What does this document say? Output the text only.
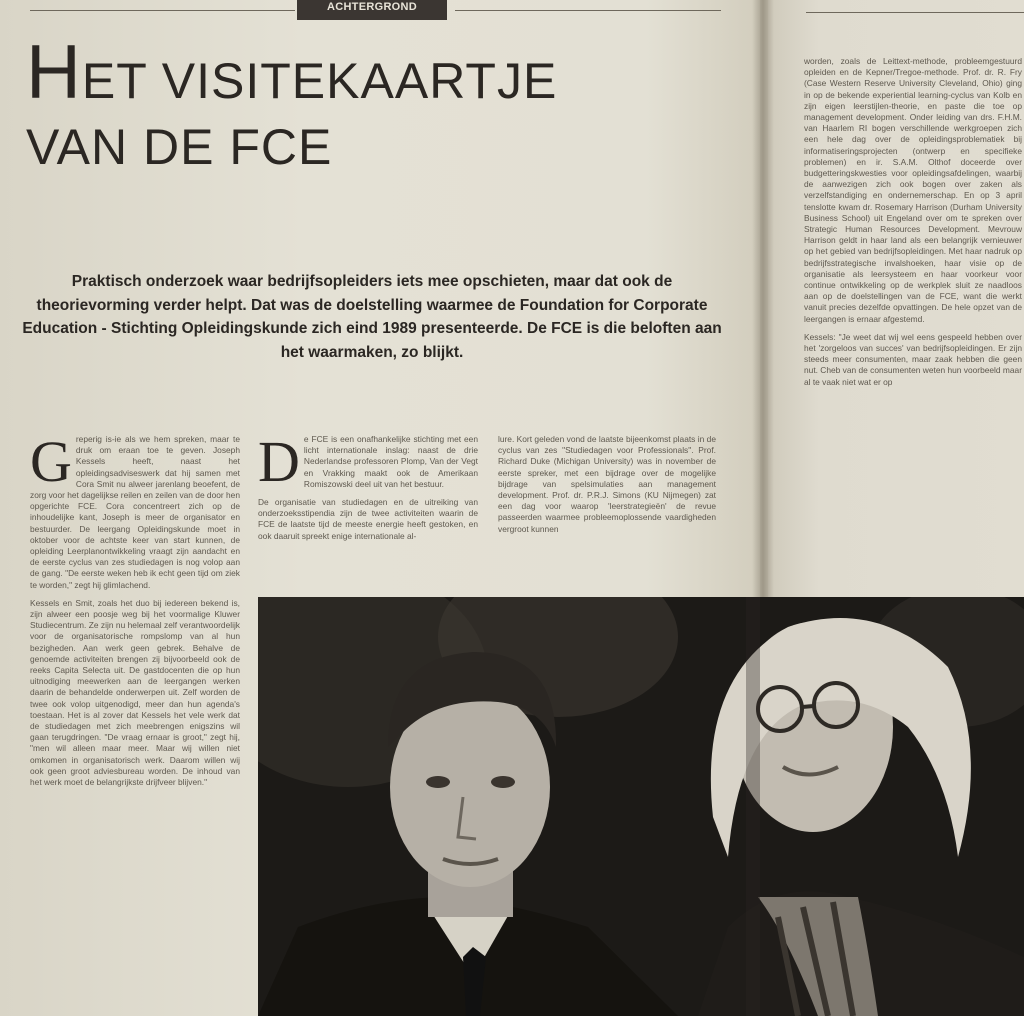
ACHTERGROND
HET VISITEKAARTJE
VAN DE FCE

Praktisch onderzoek waar bedrijfsopleiders iets mee opschieten, maar dat ook de theorievorming verder helpt. Dat was de doelstelling waarmee de Foundation for Corporate Education - Stichting Opleidingskunde zich eind 1989 presenteerde. De FCE is die beloften aan het waarmaken, zo blijkt.

Greperig is-ie als we hem spreken, maar te druk om eraan toe te geven. Joseph Kessels heeft, naast het opleidingsadviseswerk dat hij samen met Cora Smit nu alweer jarenlang beoefent, de zorg voor het dagelijkse reilen en zeilen van de door hen opgerichte FCE. Cora concentreert zich op de inhoudelijke kant, Joseph is meer de organisator en bestuurder. De leergang Opleidingskunde moet in oktober voor de achtste keer van start kunnen, de opleiding Leerplanontwikkeling vraagt zijn aandacht en de eerste cyclus van zes studiedagen is nog volop aan de gang. "De eerste weken heb ik echt geen tijd om ziek te worden," zegt hij glimlachend.

Kessels en Smit, zoals het duo bij iedereen bekend is, zijn alweer een poosje weg bij het voormalige Kluwer Studiecentrum. Ze zijn nu helemaal zelf verantwoordelijk voor de organisatorische rompslomp van al hun bezigheden. Aan werk geen gebrek. Behalve de genoemde activiteiten brengen zij bijvoorbeeld ook de reeks Capita Selecta uit. De gastdocenten die op hun uitnodiging meewerken aan de leergangen werken daarin de behandelde onderwerpen uit. Zelf worden de twee ook volop uitgenodigd, meer dan hun agenda's toestaan. Het is al zover dat Kessels het vele werk dat de studiedagen met zich meebrengen enigszins wil gaan terugdringen. "De vraag ernaar is groot," zegt hij, "men wil alleen maar meer. Maar wij willen niet omkomen in organisatorisch werk. Daarom willen wij ook geen groot adviesbureau worden. De inhoud van het werk moet de belangrijkste drijfveer blijven."

De FCE is een onafhankelijke stichting met een licht internationale inslag: naast de drie Nederlandse professoren Plomp, Van der Vegt en Vrakking maakt ook de Amerikaan Romiszowski deel uit van het bestuur.

De organisatie van studiedagen en de uitreiking van onderzoeksstipendia zijn de twee activiteiten waarin de FCE de laatste tijd de meeste energie heeft gestoken, en ook daaruit spreekt enige internationale al-

lure. Kort geleden vond de laatste bijeenkomst plaats in de cyclus van zes "Studiedagen voor Professionals". Prof. Richard Duke (Michigan University) was in november de eerste spreker, met een bijdrage over de mogelijke bijdrage van spelsimulaties aan management development. Prof. dr. P.R.J. Simons (KU Nijmegen) zat een dag voor waarop 'leerstrategieën' de revue passeerden waarmee probleemoplossende vaardigheden vergroot kunnen

worden, zoals de Leittext-methode, probleemgestuurd opleiden en de Kepner/Tregoe-methode. Prof. dr. R. Fry (Case Western Reserve University Cleveland, Ohio) ging in op de bekende experiential learning-cyclus van Kolb en zijn eigen leerstijlen-theorie, en paste die toe op management development. Onder leiding van drs. F.H.M. van Haarlem RI bogen verschillende werkgroepen zich een hele dag over de opleidingsproblematiek bij informatiseringsprojecten (ontwerp en specifieke problemen) en ir. S.A.M. Olthof doceerde over budgetteringskwesties voor opleidingsafdelingen, waarbij de aanwezigen zich ook bogen over zaken als verzelfstandiging en ondernemerschap. En op 3 april tenslotte kwam dr. Rosemary Harrison (Durham University Business School) uit Engeland over om te spreken over Strategic Human Resources Development. Mevrouw Harrison geldt in haar land als een belangrijk vernieuwer op het gebied van bedrijfsopleidingen. Met haar nadruk op bedrijfsstrategische invalshoeken, haar visie op de organisatie als leersysteem en haar voorkeur voor continue ontwikkeling op de werkplek sluit ze naadloos aan op de doelstellingen van de FCE, want die werkt vanuit precies dezelfde opvattingen. De hele opzet van de leergangen is ernaar afgestemd.

Kessels: "Je weet dat wij wel eens gespeeld hebben over het 'zorgeloos van succes' van bedrijfsopleidingen. Er zijn steeds meer consumenten, maar zaak hebben die geen nut. Cheb van de consumenten weten hun voorbeeld maar al te vaak niet wat er op
